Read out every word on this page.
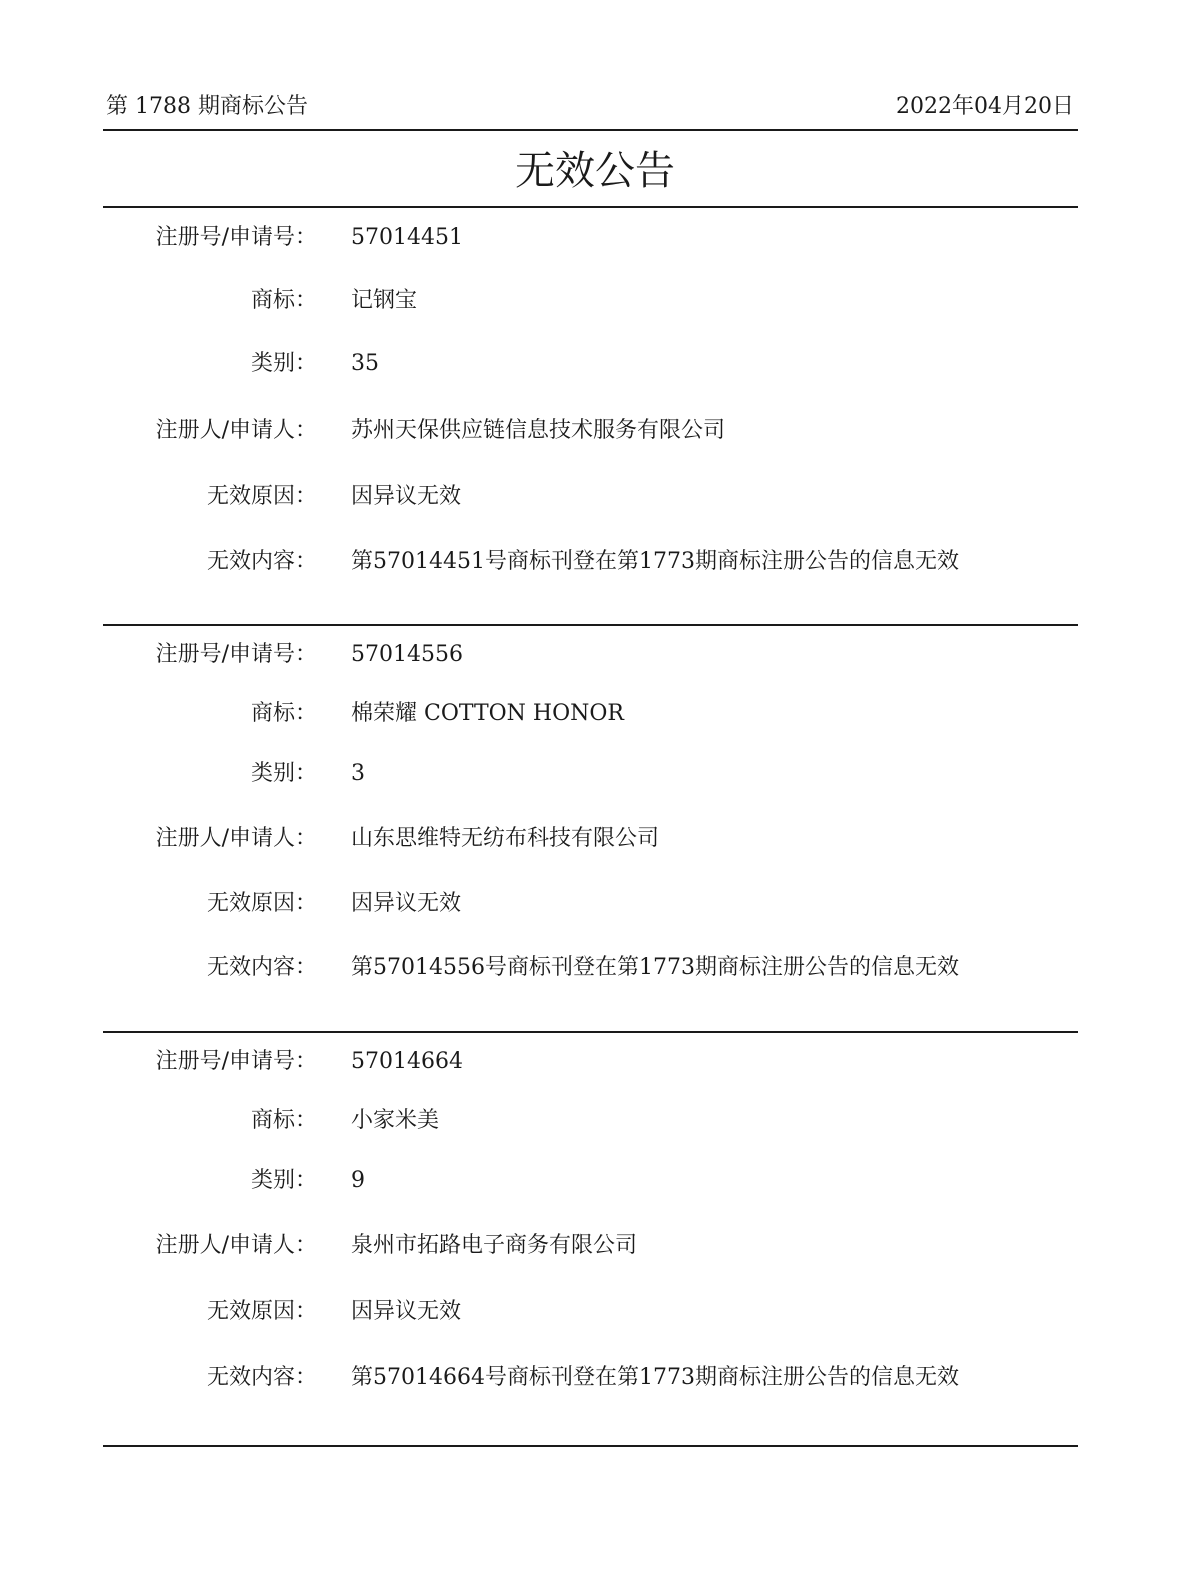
第 1788 期商标公告	2022年04月20日
无效公告
注册号/申请号： 57014451
商标： 记钢宝
类别： 35
注册人/申请人： 苏州天保供应链信息技术服务有限公司
无效原因： 因异议无效
无效内容： 第57014451号商标刊登在第1773期商标注册公告的信息无效
注册号/申请号： 57014556
商标： 棉荣耀 COTTON HONOR
类别： 3
注册人/申请人： 山东思维特无纺布科技有限公司
无效原因： 因异议无效
无效内容： 第57014556号商标刊登在第1773期商标注册公告的信息无效
注册号/申请号： 57014664
商标： 小家米美
类别： 9
注册人/申请人： 泉州市拓路电子商务有限公司
无效原因： 因异议无效
无效内容： 第57014664号商标刊登在第1773期商标注册公告的信息无效
